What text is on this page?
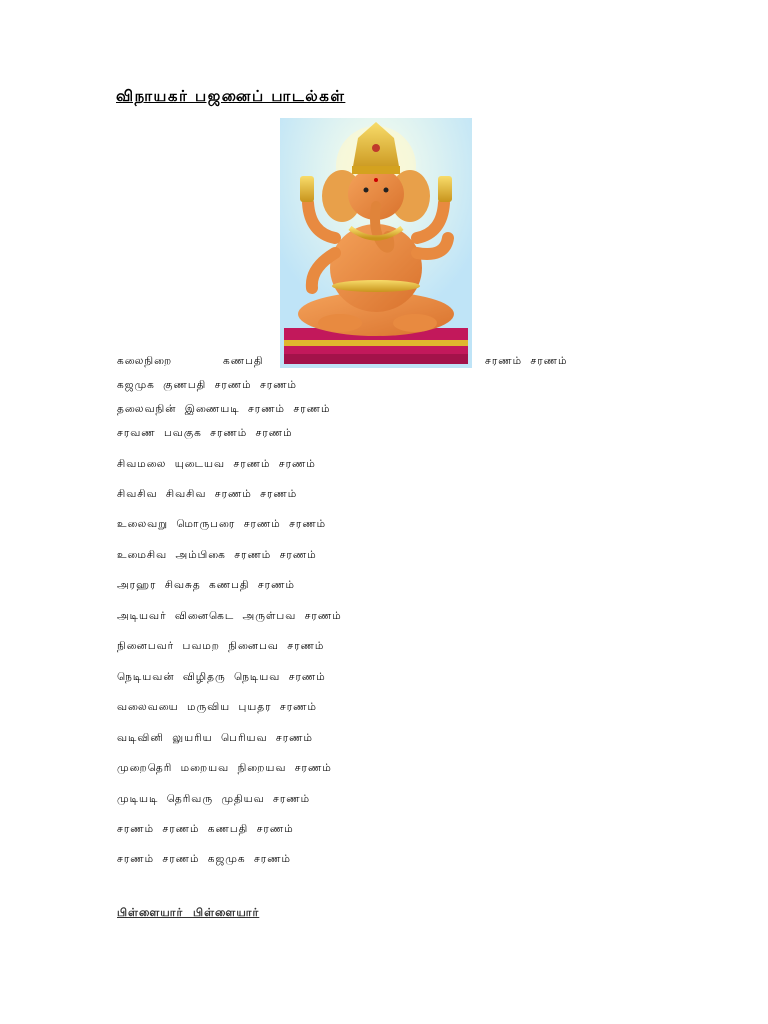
விநாயகர் பஜனைப் பாடல்கள்
கலைநிறை	கணபதி	சரணம் சரணம்
கஜமுக குணபதி சரணம் சரணம்
தலைவநின் இணையடி சரணம் சரணம்
சரவண பவகுக சரணம் சரணம்
சிவமலை யுடையவ சரணம் சரணம்
சிவசிவ சிவசிவ சரணம் சரணம்
உலைவறு மொருபரை சரணம் சரணம்
உமைசிவ அம்பிகை சரணம் சரணம்
அரஹர சிவசுத கணபதி சரணம்
அடியவர் வினைகெட அருள்பவ சரணம்
நினைபவர் பவமற நினைபவ சரணம்
நெடியவன் விழிதரு நெடியவ சரணம்
வலைவயை மருவிய புயதர சரணம்
வடிவினி லுயரிய பெரியவ சரணம்
முறைதெரி மறையவ நிறையவ சரணம்
முடியடி தெரிவரு முதியவ சரணம்
சரணம் சரணம் கணபதி சரணம்
சரணம் சரணம் கஜமுக சரணம்
பிள்ளையார் பிள்ளையார்
